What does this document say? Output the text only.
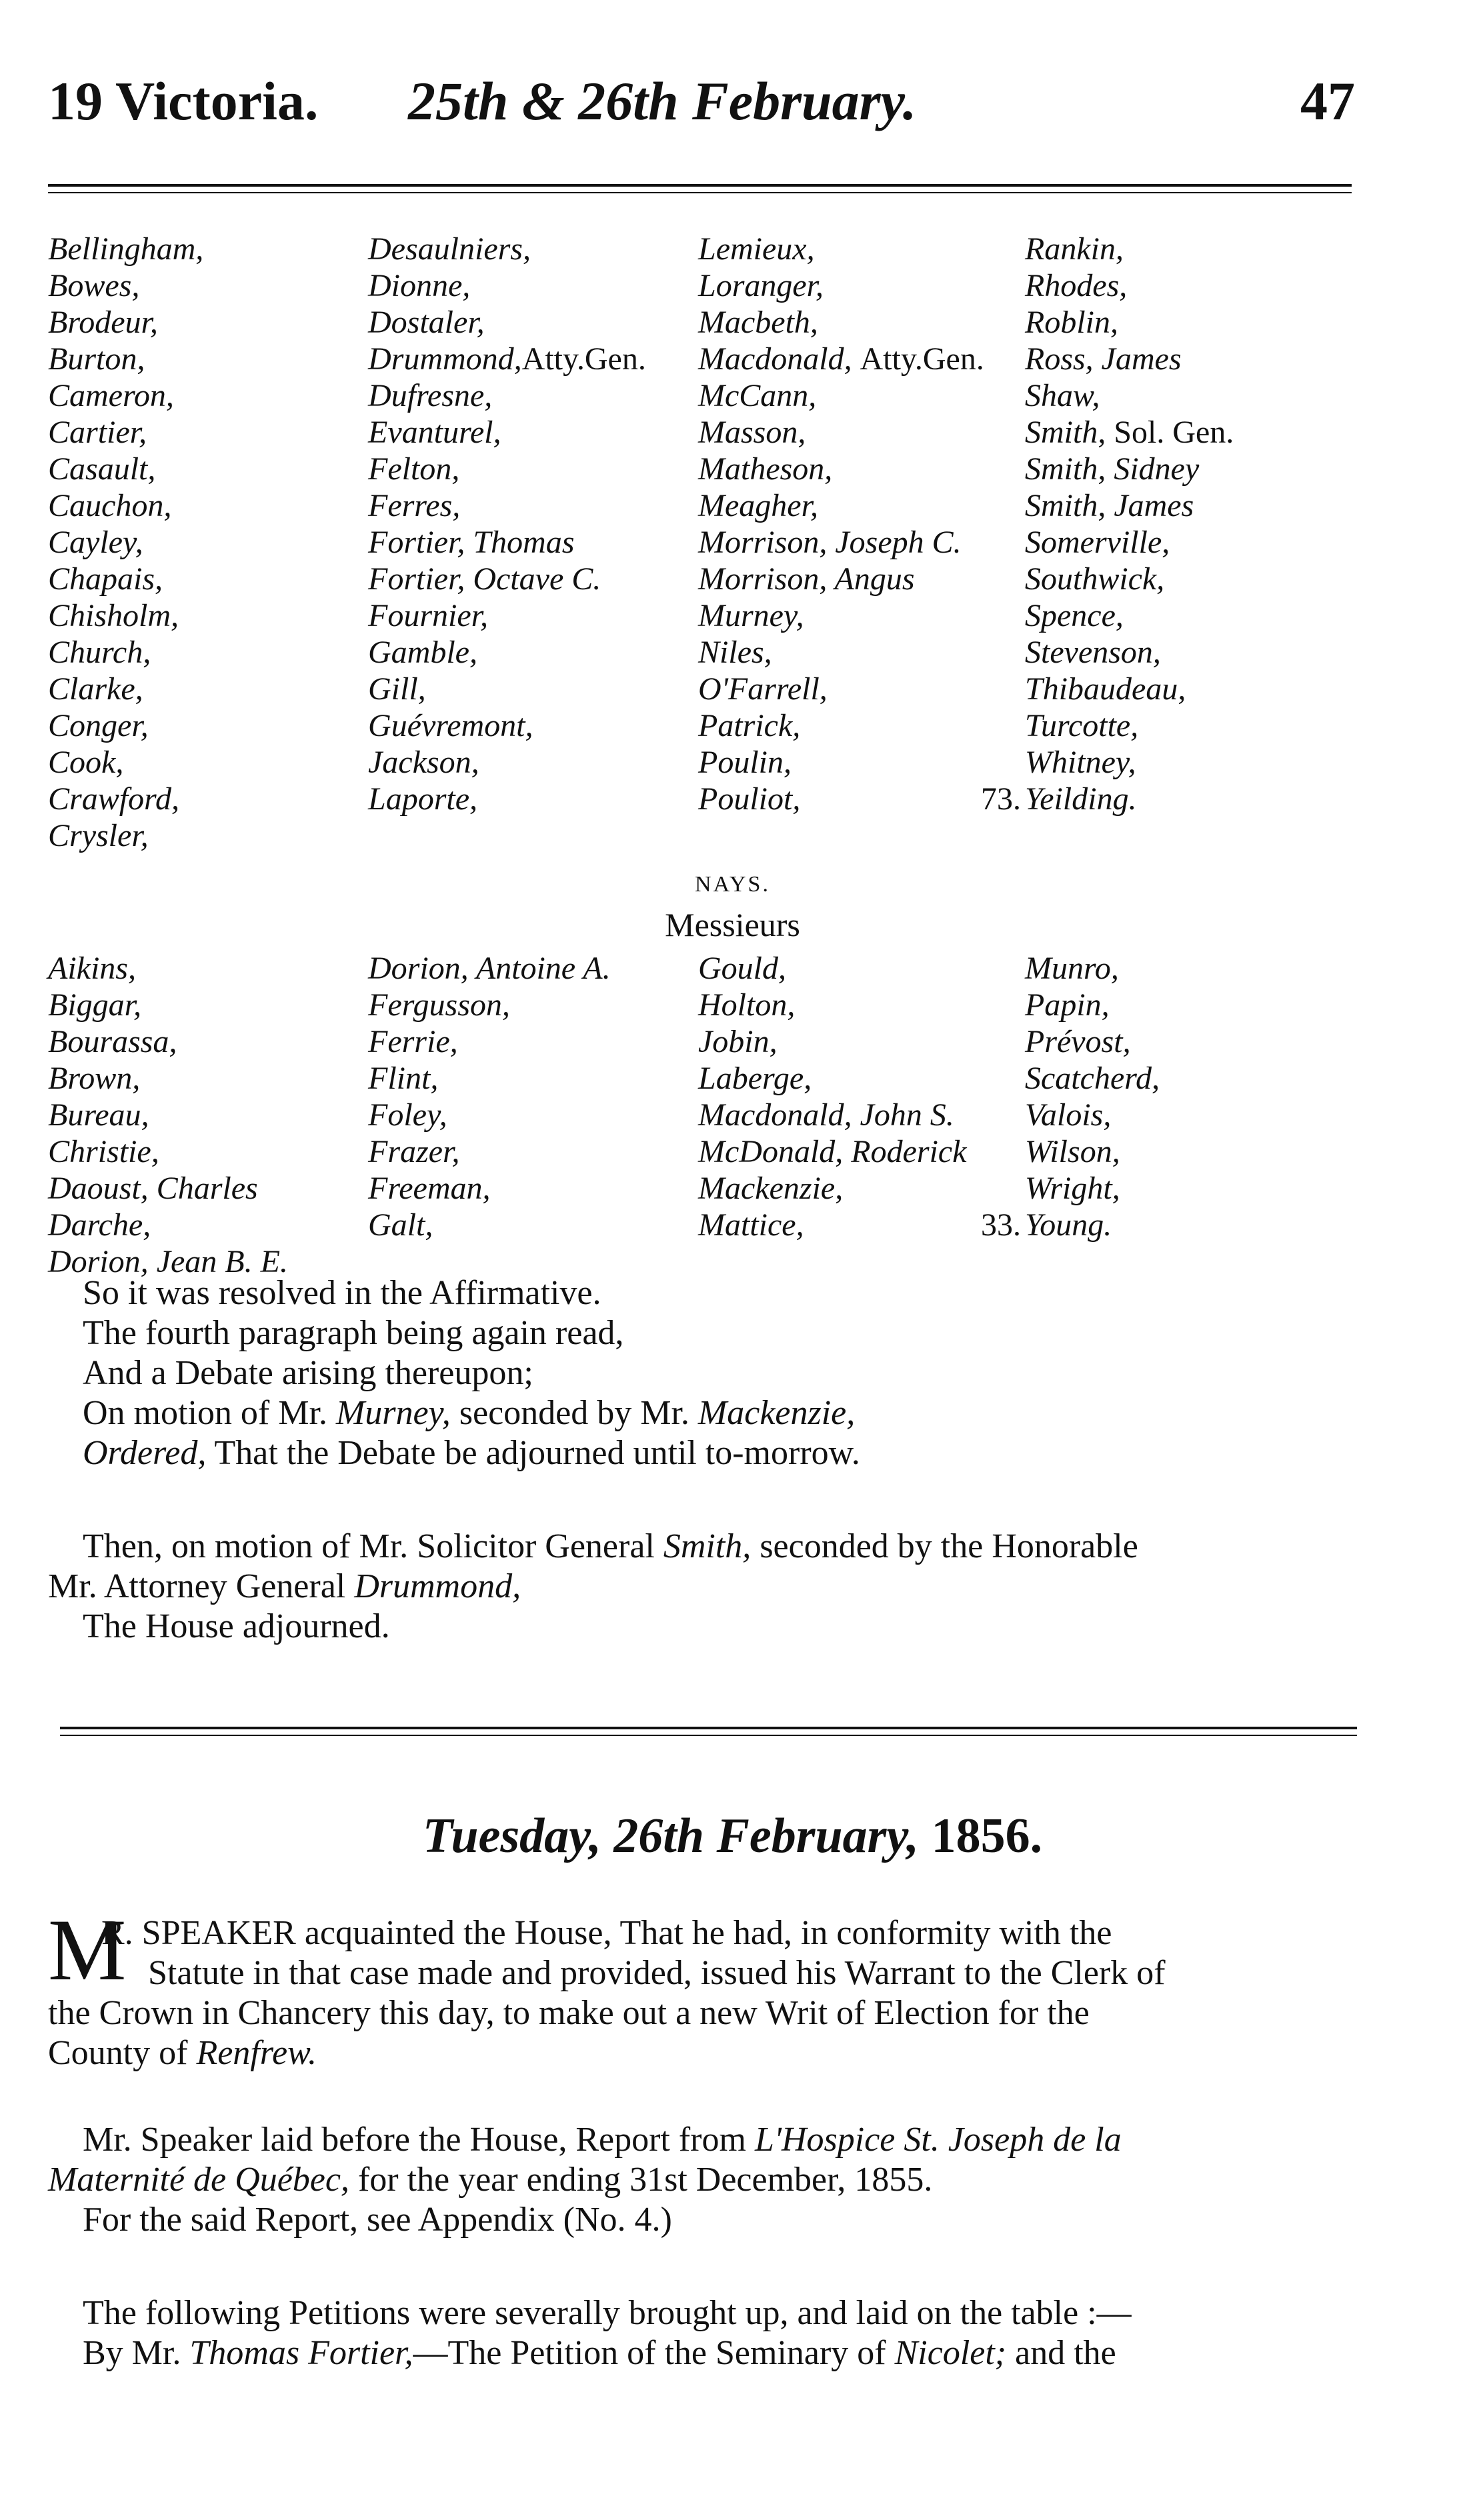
19 Victoria. 25th & 26th February.	47
Bellingham,
Bowes,
Brodeur,
Burton,
Cameron,
Cartier,
Casault,
Cauchon,
Cayley,
Chapais,
Chisholm,
Church,
Clarke,
Conger,
Cook,
Crawford,
Crysler,
Desaulniers,
Dionne,
Dostaler,
Drummond,Atty.Gen.
Dufresne,
Evanturel,
Felton,
Ferres,
Fortier, Thomas
Fortier, Octave C.
Fournier,
Gamble,
Gill,
Guévremont,
Jackson,
Laporte,
Lemieux,
Loranger,
Macbeth,
Macdonald, Atty.Gen.
McCann,
Masson,
Matheson,
Meagher,
Morrison, Joseph C.
Morrison, Angus
Murney,
Niles,
O'Farrell,
Patrick,
Poulin,
Pouliot,
Rankin,
Rhodes,
Roblin,
Ross, James
Shaw,
Smith, Sol. Gen.
Smith, Sidney
Smith, James
Somerville,
Southwick,
Spence,
Stevenson,
Thibaudeau,
Turcotte,
Whitney,
73. Yeilding.
NAYS.
Messieurs
Aikins,
Biggar,
Bourassa,
Brown,
Bureau,
Christie,
Daoust, Charles
Darche,
Dorion, Jean B. E.
Dorion, Antoine A.
Fergusson,
Ferrie,
Flint,
Foley,
Frazer,
Freeman,
Galt,
Gould,
Holton,
Jobin,
Laberge,
Macdonald, John S.
McDonald, Roderick
Mackenzie,
Mattice,
Munro,
Papin,
Prévost,
Scatcherd,
Valois,
Wilson,
Wright,
33. Young.
So it was resolved in the Affirmative.
The fourth paragraph being again read,
And a Debate arising thereupon;
On motion of Mr. Murney, seconded by Mr. Mackenzie,
Ordered, That the Debate be adjourned until to-morrow.
Then, on motion of Mr. Solicitor General Smith, seconded by the Honorable
Mr. Attorney General Drummond,
The House adjourned.
Tuesday, 26th February, 1856.
M
R. SPEAKER acquainted the House, That he had, in conformity with the
Statute in that case made and provided, issued his Warrant to the Clerk of
the Crown in Chancery this day, to make out a new Writ of Election for the
County of Renfrew.
Mr. Speaker laid before the House, Report from L'Hospice St. Joseph de la
Maternité de Québec, for the year ending 31st December, 1855.
For the said Report, see Appendix (No. 4.)
The following Petitions were severally brought up, and laid on the table :—
By Mr. Thomas Fortier,—The Petition of the Seminary of Nicolet; and the
